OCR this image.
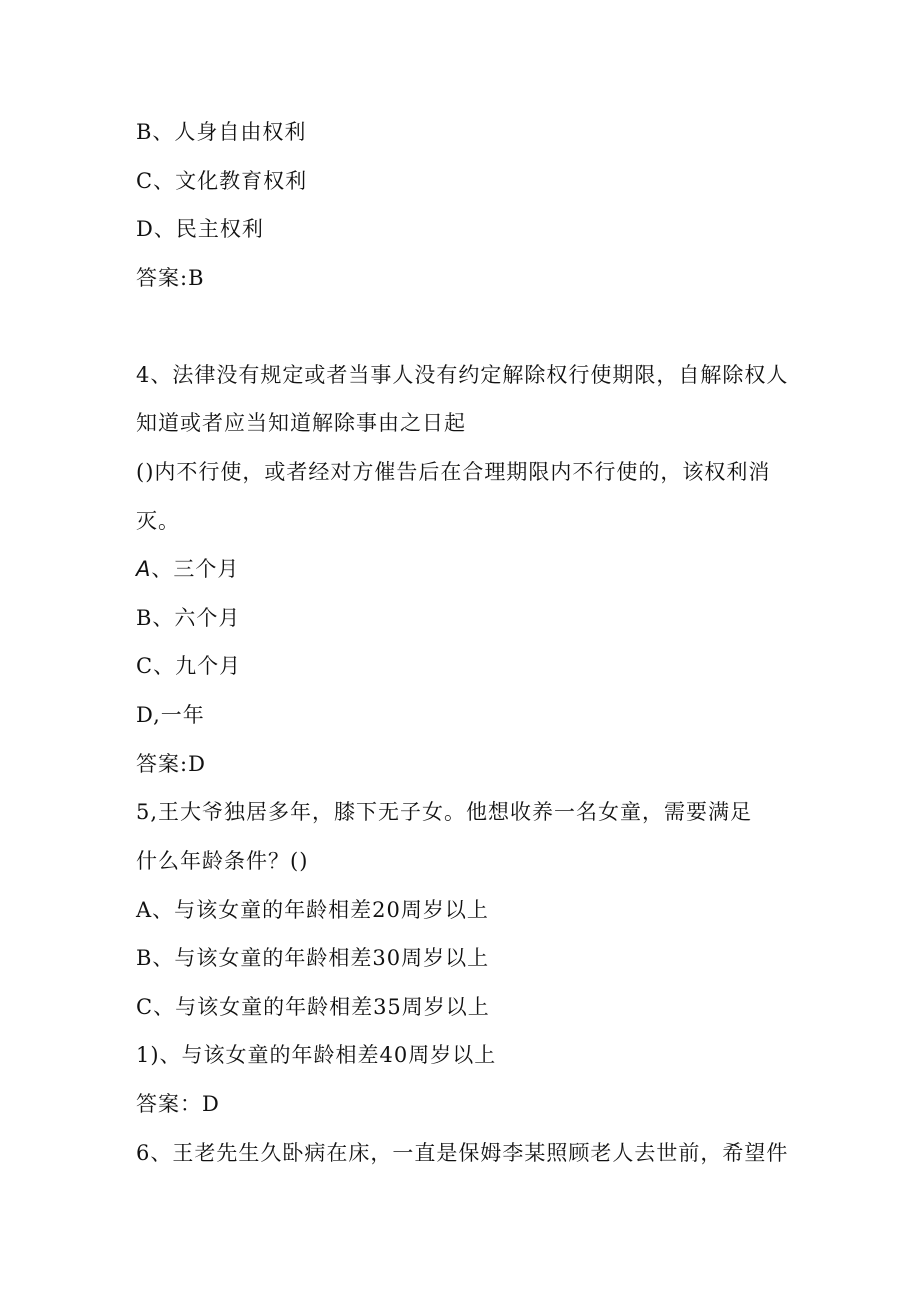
B、人身自由权利
C、文化教育权利
D、民主权利
答案:B
4、法律没有规定或者当事人没有约定解除权行使期限，自解除权人
知道或者应当知道解除事由之日起
()内不行使，或者经对方催告后在合理期限内不行使的，该权利消
灭。
A、三个月
B、六个月
C、九个月
D,一年
答案:D
5,王大爷独居多年，膝下无子女。他想收养一名女童，需要满足
什么年龄条件？()
A、与该女童的年龄相差20周岁以上
B、与该女童的年龄相差30周岁以上
C、与该女童的年龄相差35周岁以上
1)、与该女童的年龄相差40周岁以上
答案：D
6、王老先生久卧病在床，一直是保姆李某照顾老人去世前，希望件
